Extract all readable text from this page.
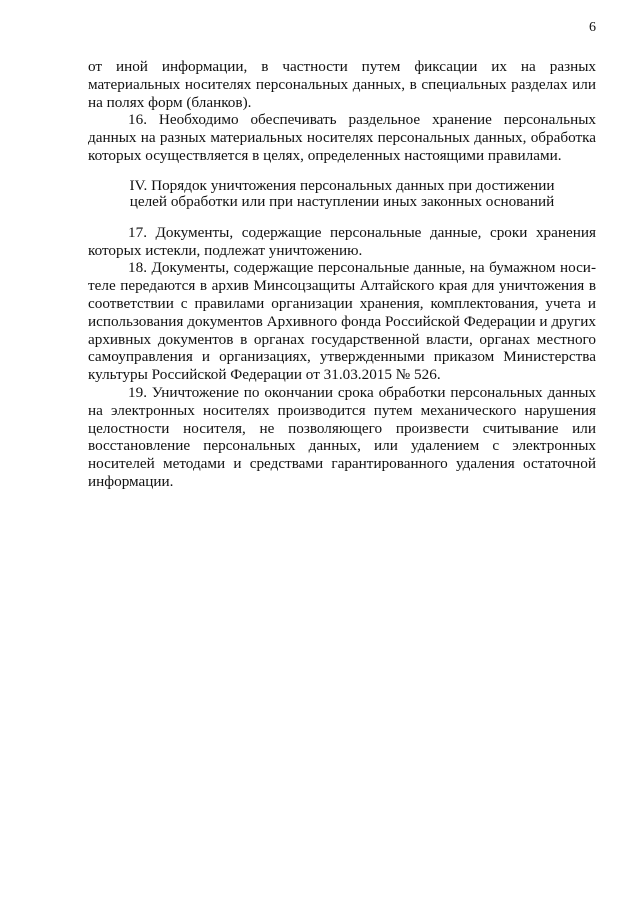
6

от иной информации, в частности путем фиксации их на разных материальных носителях персональных данных, в специальных разделах или на полях форм (бланков).

16. Необходимо обеспечивать раздельное хранение персональных данных на разных материальных носителях персональных данных, обработка которых осуществляется в целях, определенных настоящими правилами.

IV. Порядок уничтожения персональных данных при достижении
целей обработки или при наступлении иных законных оснований

17. Документы, содержащие персональные данные, сроки хранения которых истекли, подлежат уничтожению.

18. Документы, содержащие персональные данные, на бумажном носителе передаются в архив Минсоцзащиты Алтайского края для уничтожения в соответствии с правилами организации хранения, комплектования, учета и использования документов Архивного фонда Российской Федерации и других архивных документов в органах государственной власти, органах местного самоуправления и организациях, утвержденными приказом Министерства культуры Российской Федерации от 31.03.2015 № 526.

19. Уничтожение по окончании срока обработки персональных данных на электронных носителях производится путем механического нарушения целостности носителя, не позволяющего произвести считывание или восстановление персональных данных, или удалением с электронных носителей методами и средствами гарантированного удаления остаточной информации.
